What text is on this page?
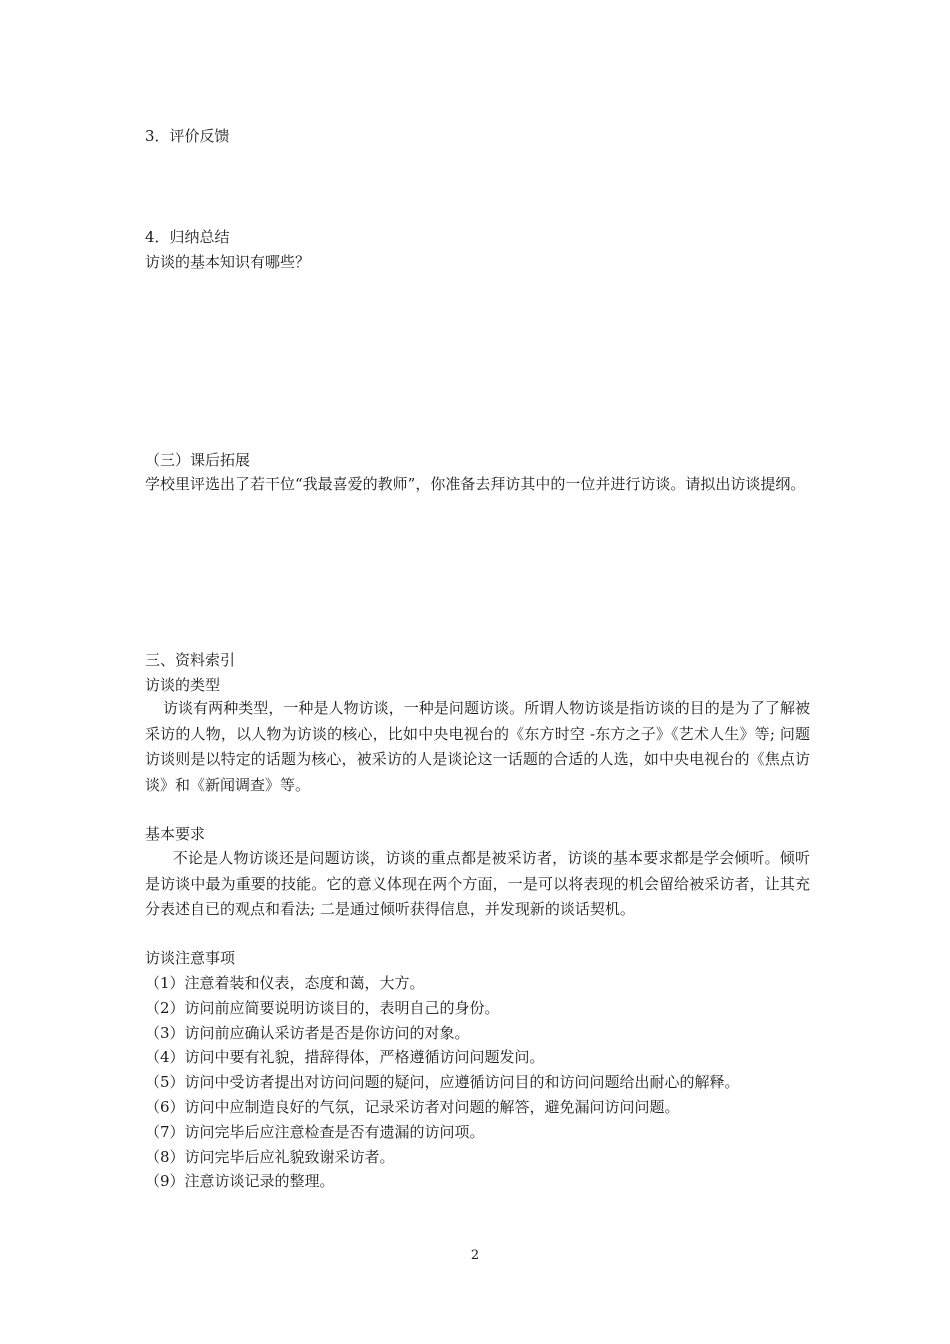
3．评价反馈
4．归纳总结
访谈的基本知识有哪些？
（三）课后拓展
学校里评选出了若干位“我最喜爱的教师”，你准备去拜访其中的一位并进行访谈。请拟出访谈提纲。
三、资料索引
访谈的类型
访谈有两种类型，一种是人物访谈，一种是问题访谈。所谓人物访谈是指访谈的目的是为了了解被采访的人物，以人物为访谈的核心，比如中央电视台的《东方时空 -东方之子》《艺术人生》等; 问题访谈则是以特定的话题为核心，被采访的人是谈论这一话题的合适的人选，如中央电视台的《焦点访谈》和《新闻调查》等。
基本要求
不论是人物访谈还是问题访谈，访谈的重点都是被采访者，访谈的基本要求都是学会倾听。倾听是访谈中最为重要的技能。它的意义体现在两个方面，一是可以将表现的机会留给被采访者，让其充分表述自已的观点和看法; 二是通过倾听获得信息，并发现新的谈话契机。
访谈注意事项
（1）注意着装和仪表，态度和蔼，大方。
（2）访问前应简要说明访谈目的，表明自己的身份。
（3）访问前应确认采访者是否是你访问的对象。
（4）访问中要有礼貌，措辞得体，严格遵循访问问题发问。
（5）访问中受访者提出对访问问题的疑问，应遵循访问目的和访问问题给出耐心的解释。
（6）访问中应制造良好的气氛，记录采访者对问题的解答，避免漏问访问问题。
（7）访问完毕后应注意检查是否有遗漏的访问项。
（8）访问完毕后应礼貌致谢采访者。
（9）注意访谈记录的整理。
2
